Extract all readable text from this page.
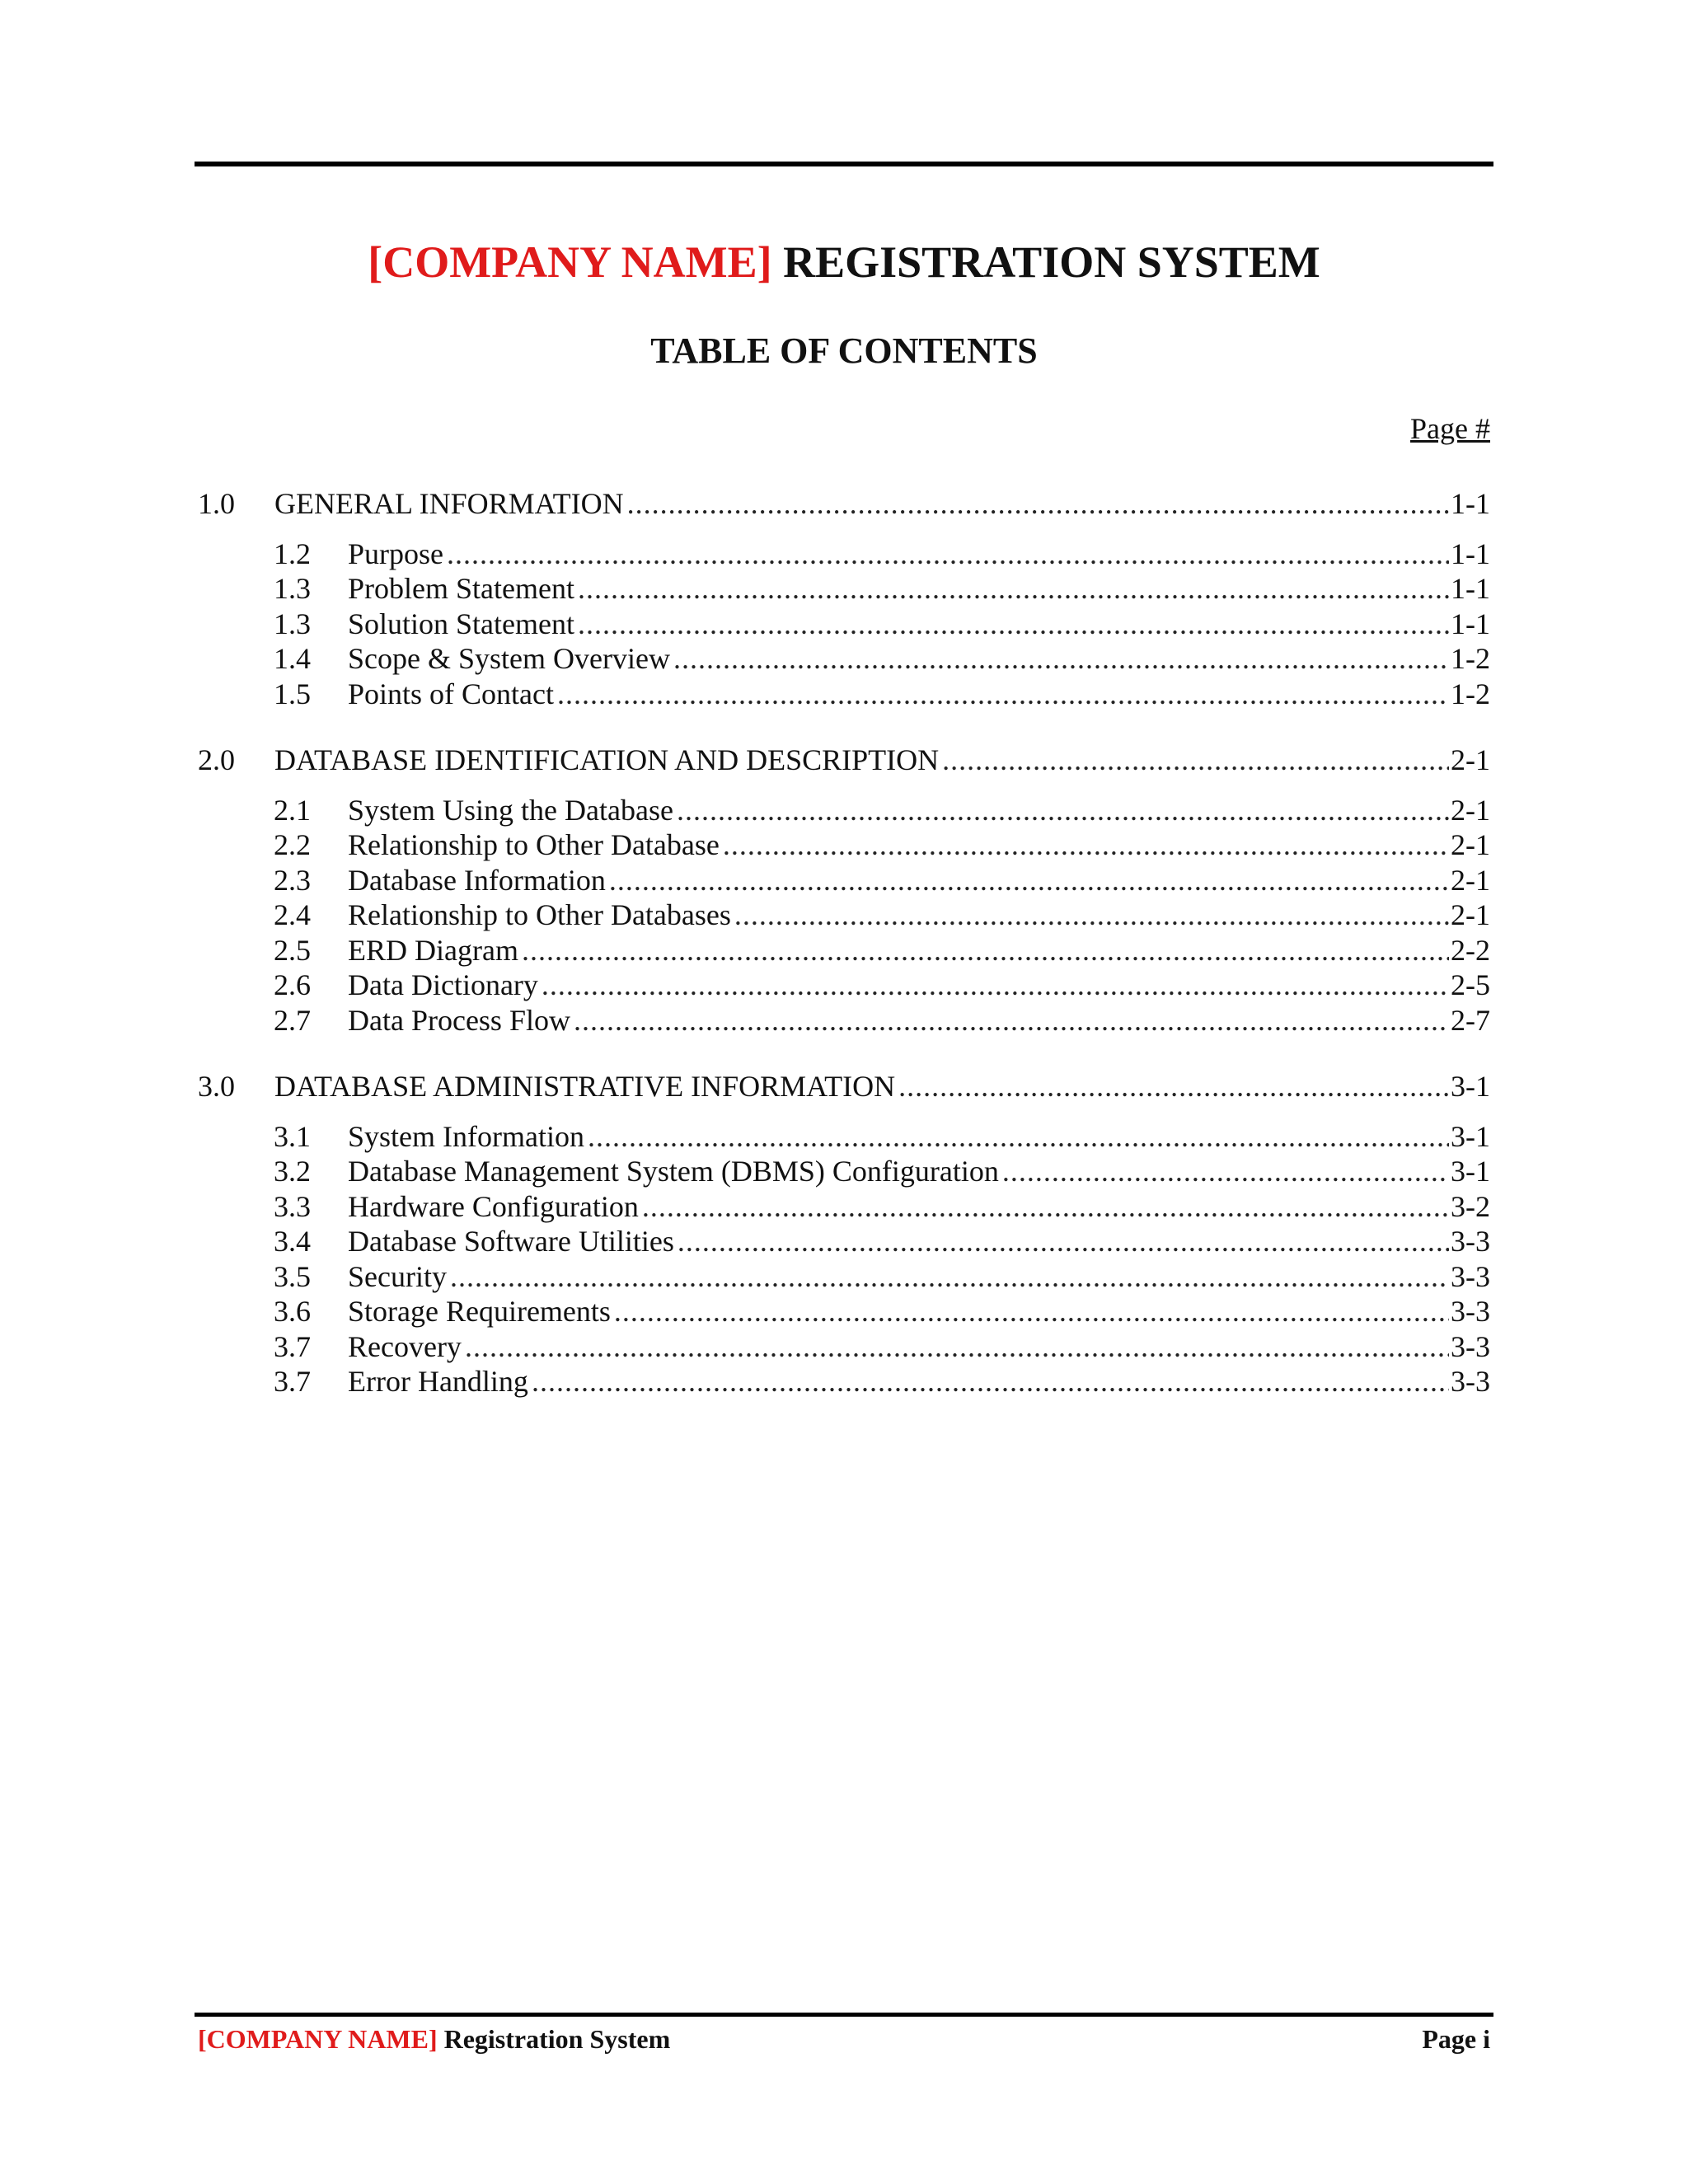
[COMPANY NAME] REGISTRATION SYSTEM
TABLE OF CONTENTS
Page #
1.0	GENERAL INFORMATION .....	1-1
1.2	Purpose .....	1-1
1.3	Problem Statement .....	1-1
1.3	Solution Statement .....	1-1
1.4	Scope & System Overview .....	1-2
1.5	Points of Contact .....	1-2
2.0	DATABASE IDENTIFICATION AND DESCRIPTION .....	2-1
2.1	System Using the Database .....	2-1
2.2	Relationship to Other Database .....	2-1
2.3	Database Information .....	2-1
2.4	Relationship to Other Databases .....	2-1
2.5	ERD Diagram .....	2-2
2.6	Data Dictionary .....	2-5
2.7	Data Process Flow .....	2-7
3.0	DATABASE ADMINISTRATIVE INFORMATION .....	3-1
3.1	System Information .....	3-1
3.2	Database Management System (DBMS) Configuration .....	3-1
3.3	Hardware Configuration .....	3-2
3.4	Database Software Utilities .....	3-3
3.5	Security .....	3-3
3.6	Storage Requirements .....	3-3
3.7	Recovery .....	3-3
3.7	Error Handling .....	3-3
[COMPANY NAME] Registration System	Page i
